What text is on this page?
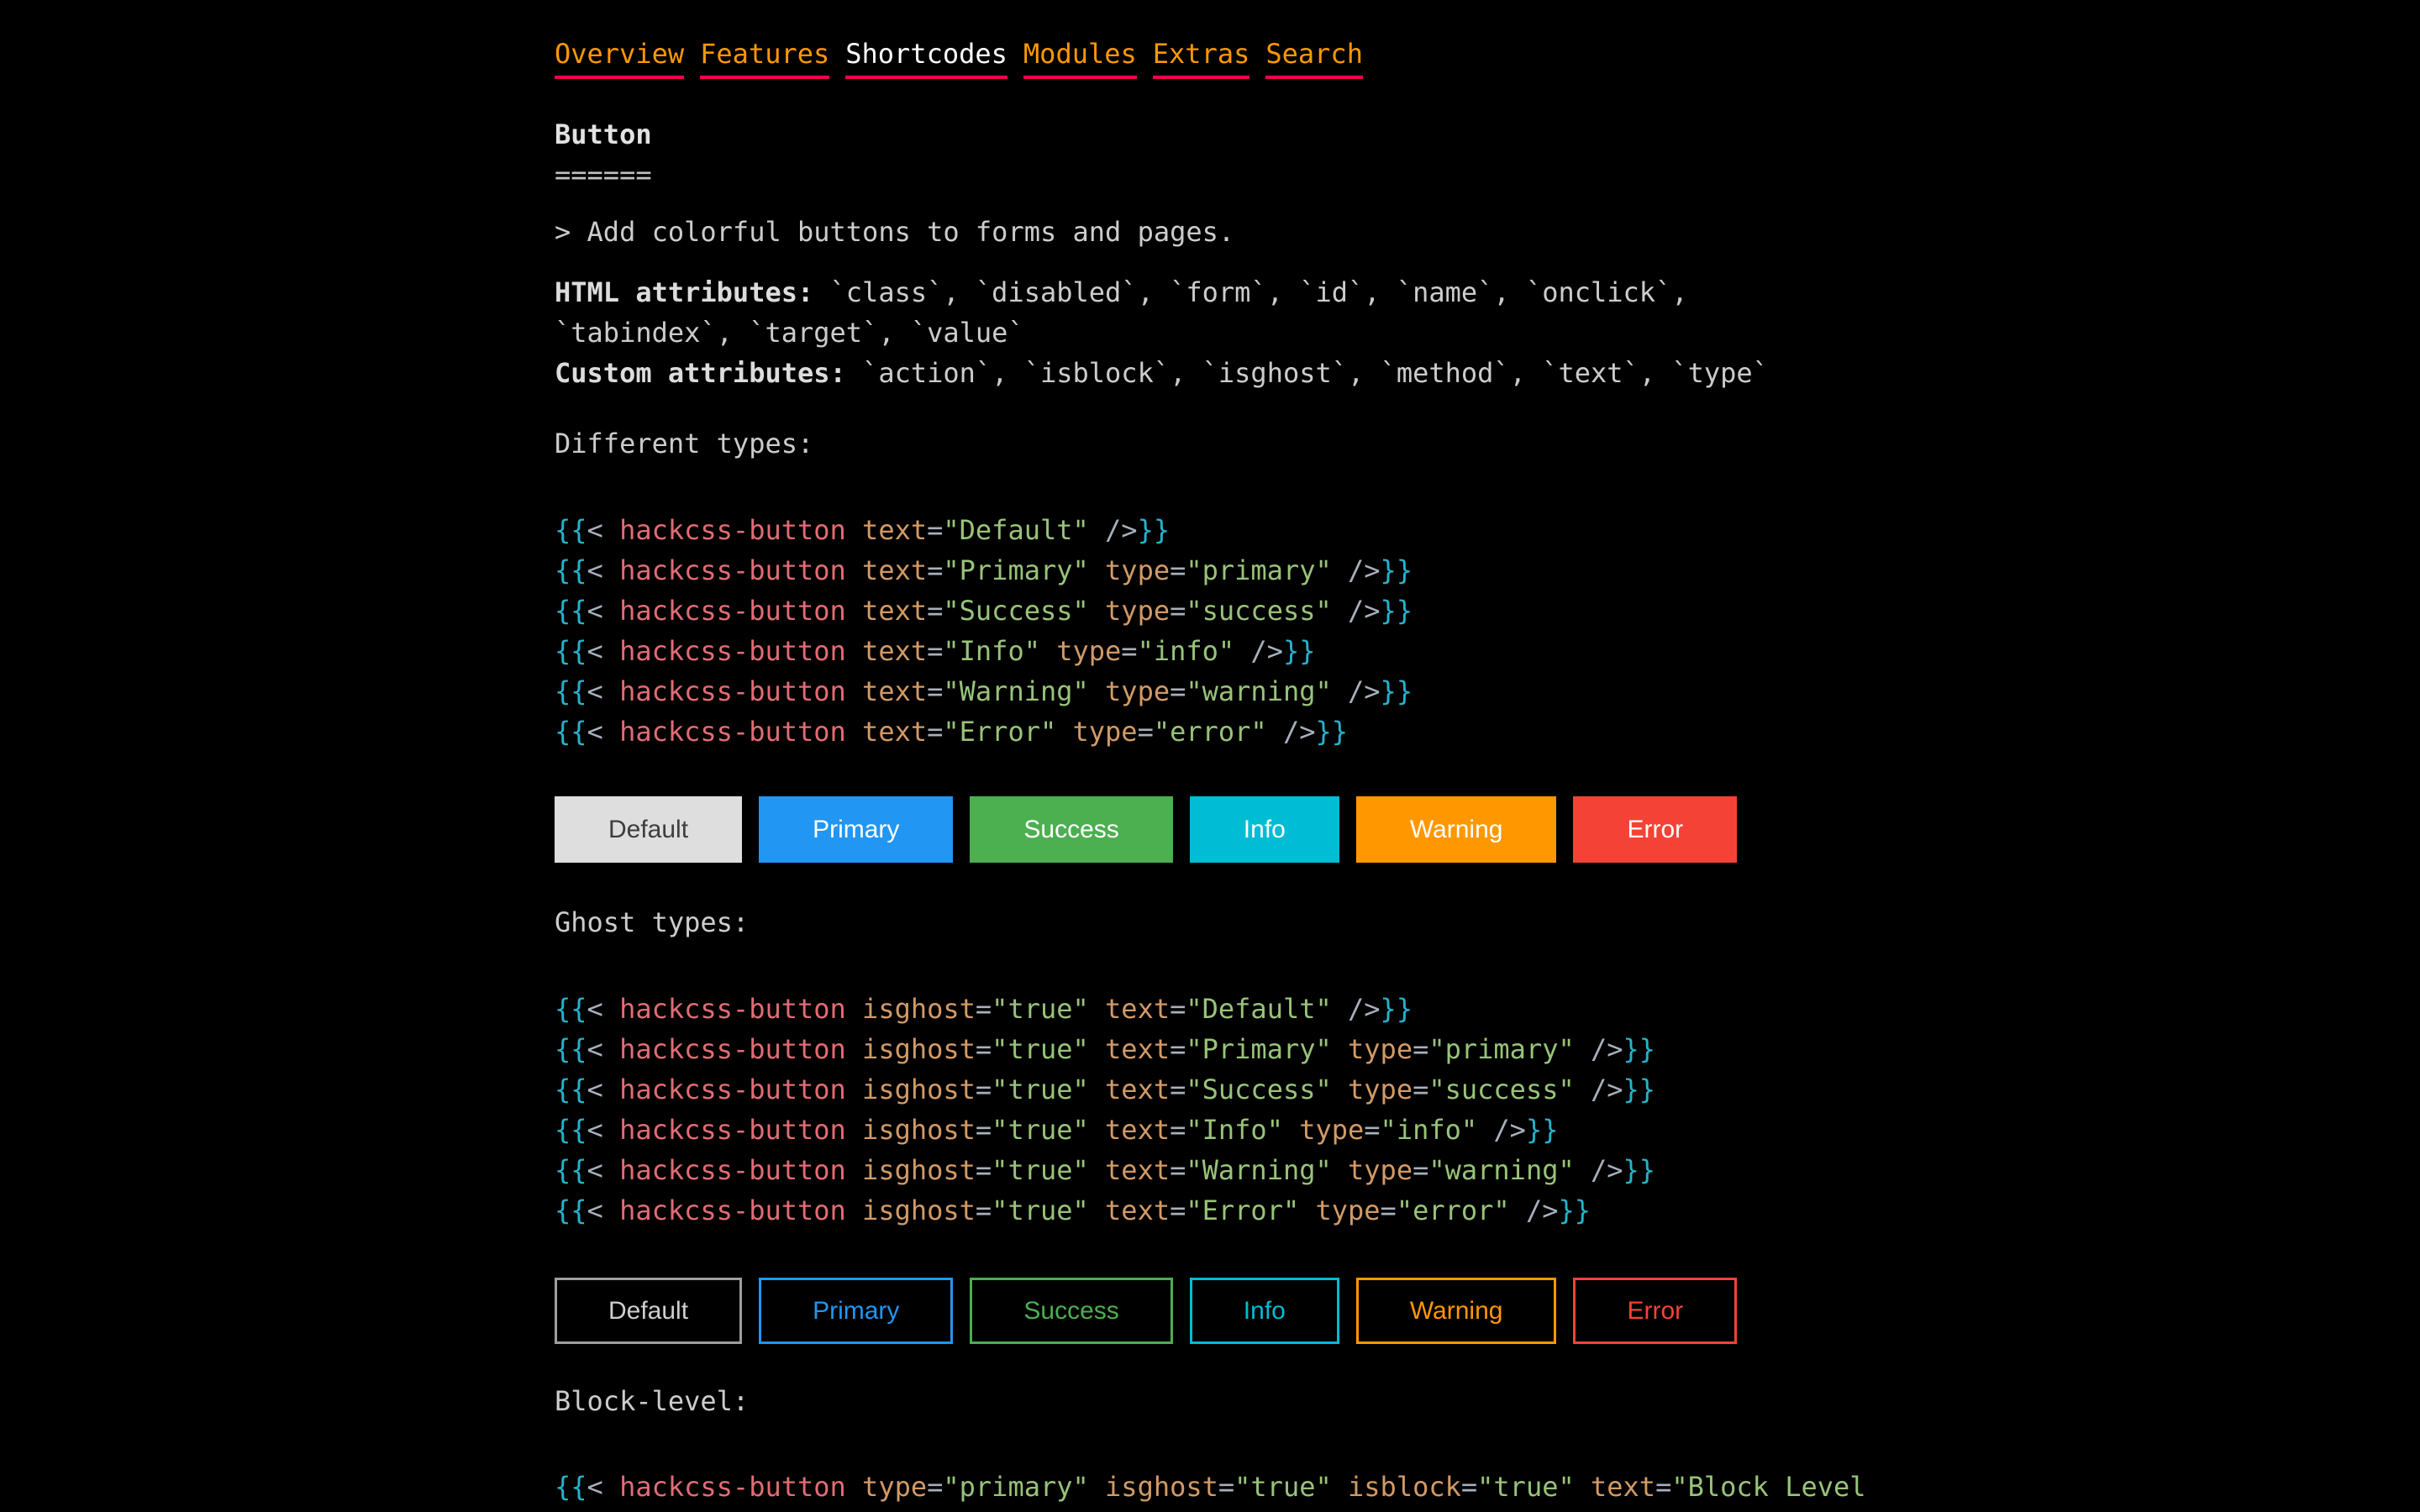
Overview Features Shortcodes Modules Extras Search
Button
======
> Add colorful buttons to forms and pages.
HTML attributes: `class`, `disabled`, `form`, `id`, `name`, `onclick`,
`tabindex`, `target`, `value`
Custom attributes: `action`, `isblock`, `isghost`, `method`, `text`, `type`
Different types:
{{< hackcss-button text="Default" />}}
{{< hackcss-button text="Primary" type="primary" />}}
{{< hackcss-button text="Success" type="success" />}}
{{< hackcss-button text="Info" type="info" />}}
{{< hackcss-button text="Warning" type="warning" />}}
{{< hackcss-button text="Error" type="error" />}}
Default	Primary	Success	Info	Warning	Error
Ghost types:
{{< hackcss-button isghost="true" text="Default" />}}
{{< hackcss-button isghost="true" text="Primary" type="primary" />}}
{{< hackcss-button isghost="true" text="Success" type="success" />}}
{{< hackcss-button isghost="true" text="Info" type="info" />}}
{{< hackcss-button isghost="true" text="Warning" type="warning" />}}
{{< hackcss-button isghost="true" text="Error" type="error" />}}
Default	Primary	Success	Info	Warning	Error
Block-level:
{{< hackcss-button type="primary" isghost="true" isblock="true" text="Block Level
